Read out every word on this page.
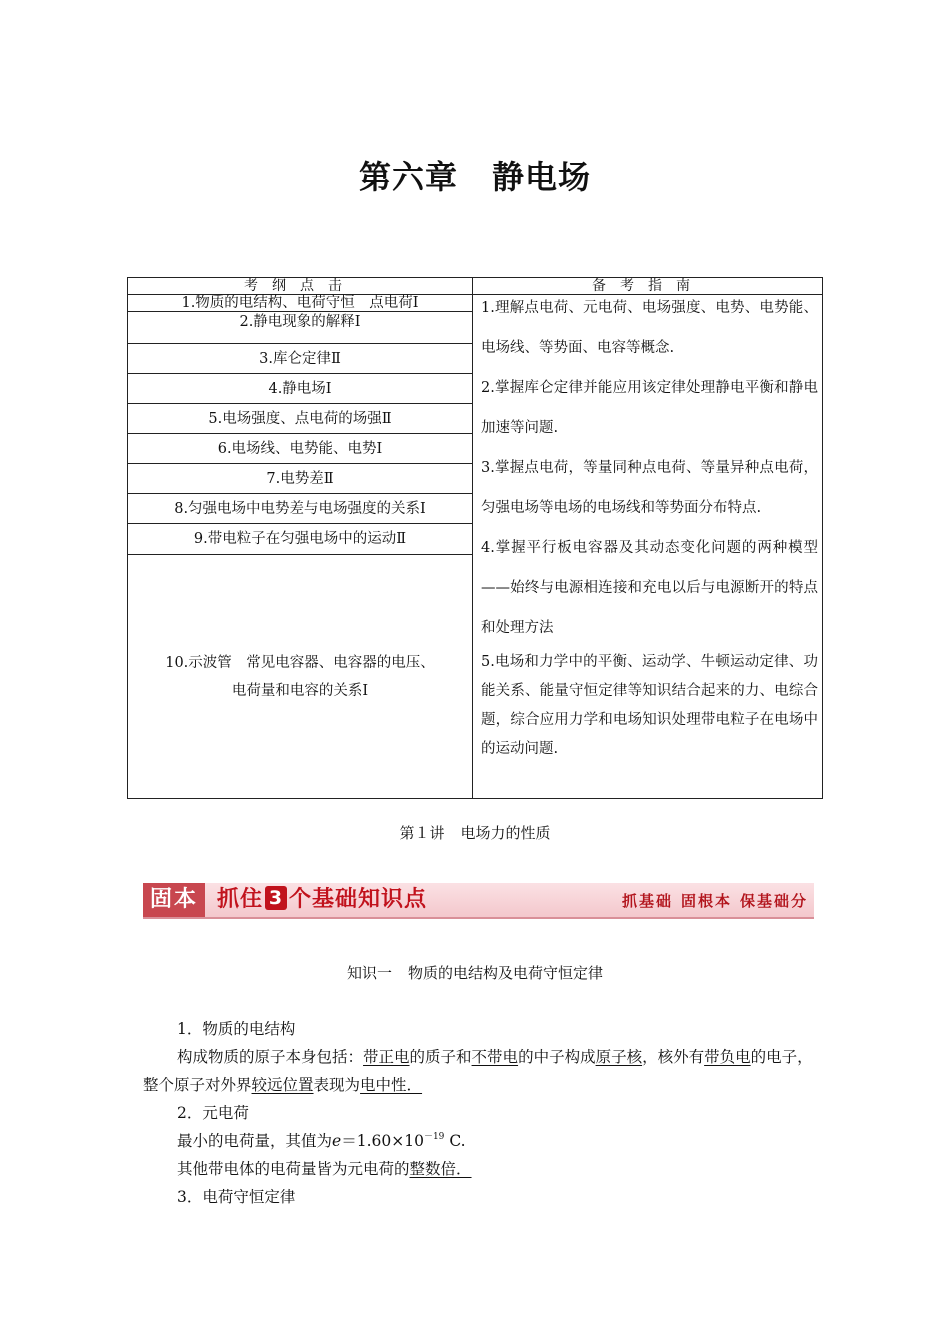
第六章 静电场
考纲点击	备考指南
1.物质的电结构、电荷守恒　点电荷Ⅰ
2.静电现象的解释Ⅰ
3.库仑定律Ⅱ
4.静电场Ⅰ
5.电场强度、点电荷的场强Ⅱ
6.电场线、电势能、电势Ⅰ
7.电势差Ⅱ
8.匀强电场中电势差与电场强度的关系Ⅰ
9.带电粒子在匀强电场中的运动Ⅱ
10.示波管　常见电容器、电容器的电压、
电荷量和电容的关系Ⅰ

1.理解点电荷、元电荷、电场强度、电势、电势能、电场线、等势面、电容等概念.

2.掌握库仑定律并能应用该定律处理静电平衡和静电加速等问题.

3.掌握点电荷，等量同种点电荷、等量异种点电荷，匀强电场等电场的电场线和等势面分布特点.

4.掌握平行板电容器及其动态变化问题的两种模型——始终与电源相连接和充电以后与电源断开的特点和处理方法

5.电场和力学中的平衡、运动学、牛顿运动定律、功能关系、能量守恒定律等知识结合起来的力、电综合题，综合应用力学和电场知识处理带电粒子在电场中的运动问题.

第１讲 电场力的性质
固本 抓住 3 个基础知识点	抓基础 固根本 保基础分
知识一 物质的电结构及电荷守恒定律

1．物质的电结构

构成物质的原子本身包括：带正电的质子和不带电的中子构成原子核，核外有带负电的电子，整个原子对外界较远位置表现为电中性．

2．元电荷

最小的电荷量，其值为$e=1.60\times 10^{-19}$ C.

其他带电体的电荷量皆为元电荷的整数倍．

3．电荷守恒定律
